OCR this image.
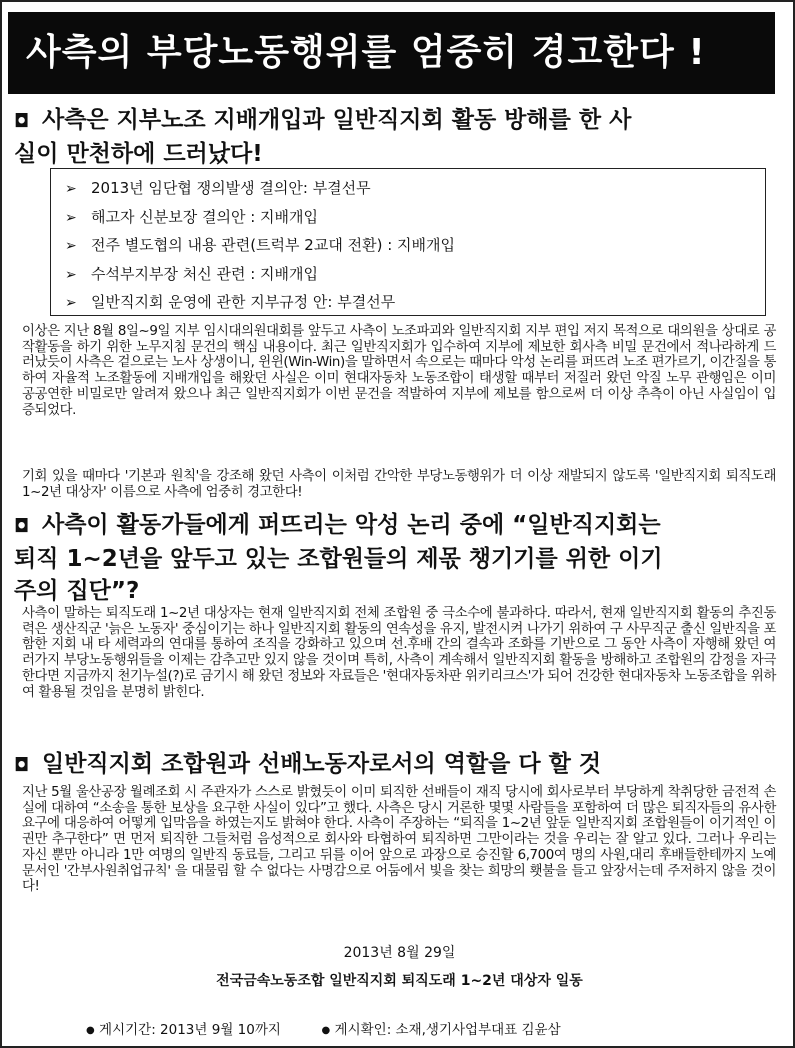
사측의 부당노동행위를 엄중히 경고한다 !
◘ 사측은 지부노조 지배개입과 일반직지회 활동 방해를 한 사
실이 만천하에 드러났다!
➢ 2013년 임단협 쟁의발생 결의안: 부결선무
➢ 해고자 신분보장 결의안 : 지배개입
➢ 전주 별도협의 내용 관련(트럭부 2교대 전환) : 지배개입
➢ 수석부지부장 처신 관련 : 지배개입
➢ 일반직지회 운영에 관한 지부규정 안: 부결선무
이상은 지난 8월 8일~9일 지부 임시대의원대회를 앞두고 사측이 노조파괴와 일반직지회 지부 편입 저지 목적으로 대의원을 상대로 공작활동을 하기 위한 노무지침 문건의 핵심 내용이다. 최근 일반직지회가 입수하여 지부에 제보한 회사측 비밀 문건에서 적나라하게 드러났듯이 사측은 겉으로는 노사 상생이니, 윈윈(Win-Win)을 말하면서 속으로는 때마다 악성 논리를 퍼뜨려 노조 편가르기, 이간질을 통하여 자율적 노조활동에 지배개입을 해왔던 사실은 이미 현대자동차 노동조합이 태생할 때부터 저질러 왔던 악질 노무 관행임은 이미 공공연한 비밀로만 알려져 왔으나 최근 일반직지회가 이번 문건을 적발하여 지부에 제보를 함으로써 더 이상 추측이 아닌 사실임이 입증되었다.
기회 있을 때마다 '기본과 원칙'을 강조해 왔던 사측이 이처럼 간악한 부당노동행위가 더 이상 재발되지 않도록 '일반직지회 퇴직도래 1~2년 대상자' 이름으로 사측에 엄중히 경고한다!
◘ 사측이 활동가들에게 퍼뜨리는 악성 논리 중에 “일반직지회는
퇴직 1~2년을 앞두고 있는 조합원들의 제몫 챙기기를 위한 이기
주의 집단”?
사측이 말하는 퇴직도래 1~2년 대상자는 현재 일반직지회 전체 조합원 중 극소수에 불과하다. 따라서, 현재 일반직지회 활동의 추진동력은 생산직군 '늙은 노동자' 중심이기는 하나 일반직지회 활동의 연속성을 유지, 발전시켜 나가기 위하여 구 사무직군 출신 일반직을 포함한 지회 내 타 세력과의 연대를 통하여 조직을 강화하고 있으며 선.후배 간의 결속과 조화를 기반으로 그 동안 사측이 자행해 왔던 여러가지 부당노동행위들을 이제는 감추고만 있지 않을 것이며 특히, 사측이 계속해서 일반직지회 활동을 방해하고 조합원의 감정을 자극한다면 지금까지 천기누설(?)로 금기시 해 왔던 정보와 자료들은 '현대자동차판 위키리크스'가 되어 건강한 현대자동차 노동조합을 위하여 활용될 것임을 분명히 밝힌다.
◘ 일반직지회 조합원과 선배노동자로서의 역할을 다 할 것
지난 5월 울산공장 월례조회 시 주관자가 스스로 밝혔듯이 이미 퇴직한 선배들이 재직 당시에 회사로부터 부당하게 착취당한 금전적 손실에 대하여 “소송을 통한 보상을 요구한 사실이 있다”고 했다. 사측은 당시 거론한 몇몇 사람들을 포함하여 더 많은 퇴직자들의 유사한 요구에 대응하여 어떻게 입막음을 하였는지도 밝혀야 한다. 사측이 주장하는 “퇴직을 1~2년 앞둔 일반직지회 조합원들이 이기적인 이권만 추구한다” 면 먼저 퇴직한 그들처럼 음성적으로 회사와 타협하여 퇴직하면 그만이라는 것을 우리는 잘 알고 있다. 그러나 우리는 자신 뿐만 아니라 1만 여명의 일반직 동료들, 그리고 뒤를 이어 앞으로 과장으로 승진할 6,700여 명의 사원,대리 후배들한테까지 노예문서인 '간부사원취업규칙' 을 대물림 할 수 없다는 사명감으로 어둠에서 빛을 찾는 희망의 횃불을 들고 앞장서는데 주저하지 않을 것이다!
2013년 8월 29일
전국금속노동조합 일반직지회 퇴직도래 1~2년 대상자 일동
● 게시기간: 2013년 9월 10까지	● 게시확인: 소재,생기사업부대표 김윤삼
